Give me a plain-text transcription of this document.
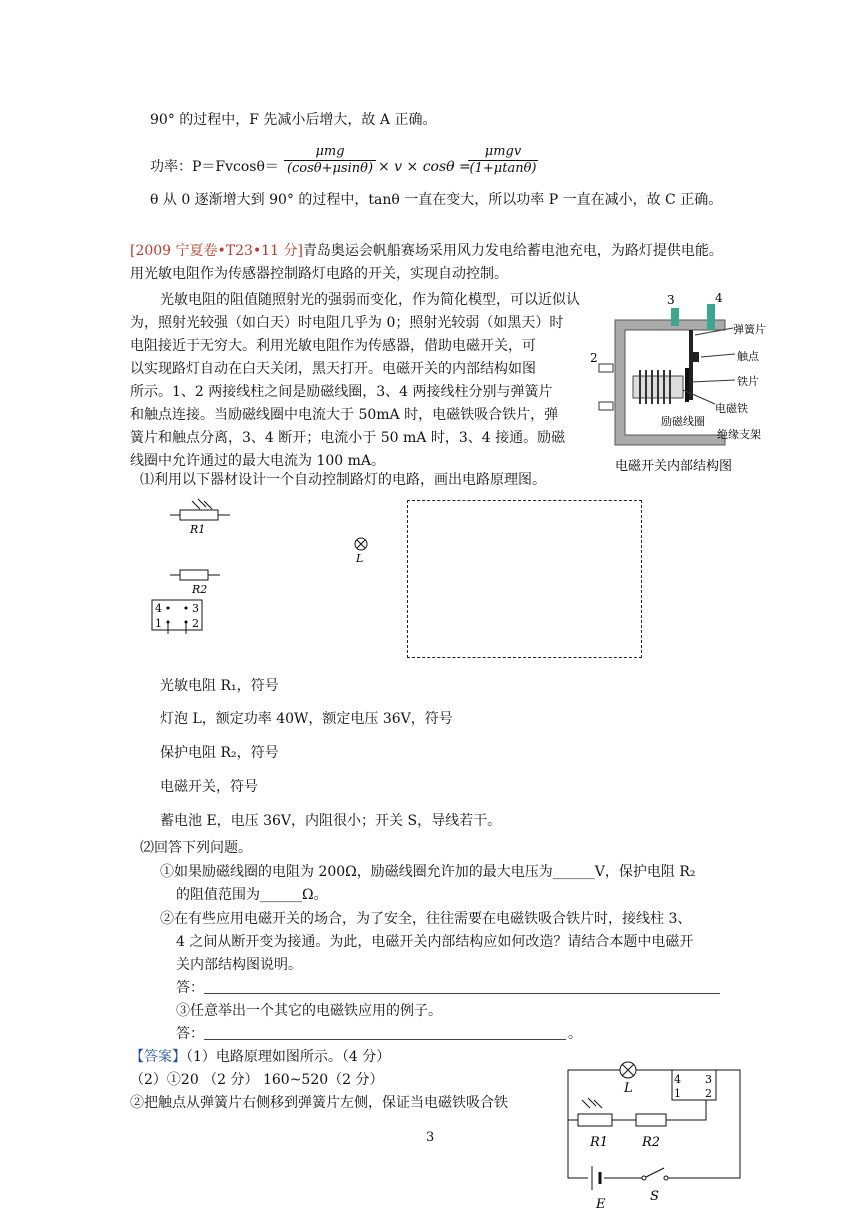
90° 的过程中，F 先减小后增大，故 A 正确。
功率：P＝Fvcosθ＝
μmg
(cosθ+μsinθ) × v × cosθ =
μmgv
(1+μtanθ)
θ 从 0 逐渐增大到 90° 的过程中，tanθ 一直在变大，所以功率 P 一直在减小，故 C 正确。
[2009 宁夏卷•T23•11 分]青岛奥运会帆船赛场采用风力发电给蓄电池充电，为路灯提供电能。
用光敏电阻作为传感器控制路灯电路的开关，实现自动控制。
光敏电阻的阻值随照射光的强弱而变化，作为简化模型，可以近似认
为，照射光较强（如白天）时电阻几乎为 0；照射光较弱（如黑天）时
电阻接近于无穷大。利用光敏电阻作为传感器，借助电磁开关，可
以实现路灯自动在白天关闭，黑天打开。电磁开关的内部结构如图
所示。1、2 两接线柱之间是励磁线圈，3、4 两接线柱分别与弹簧片
和触点连接。当励磁线圈中电流大于 50mA 时，电磁铁吸合铁片，弹
簧片和触点分离，3、4 断开；电流小于 50 mA 时，3、4 接通。励磁
线圈中允许通过的最大电流为 100 mA。
⑴利用以下器材设计一个自动控制路灯的电路，画出电路原理图。
3	4
2
弹簧片
触点
铁片
电磁铁
励磁线圈
绝缘支架
电磁开关内部结构图
R1
L
R2
4	3
1	2
光敏电阻 R₁，符号
灯泡 L，额定功率 40W，额定电压 36V，符号
保护电阻 R₂，符号
电磁开关，符号
蓄电池 E，电压 36V，内阻很小；开关 S，导线若干。
⑵回答下列问题。
①如果励磁线圈的电阻为 200Ω，励磁线圈允许加的最大电压为______V，保护电阻 R₂
的阻值范围为______Ω。
②在有些应用电磁开关的场合，为了安全，往往需要在电磁铁吸合铁片时，接线柱 3、
4 之间从断开变为接通。为此，电磁开关内部结构应如何改造？请结合本题中电磁开
关内部结构图说明。
答：
③任意举出一个其它的电磁铁应用的例子。
答：	。
【答案】（1）电路原理如图所示。（4 分）
（2）①20 （2 分） 160~520（2 分）
②把触点从弹簧片右侧移到弹簧片左侧，保证当电磁铁吸合铁
L
4 3
1 2
R1	R2
E
S
3
